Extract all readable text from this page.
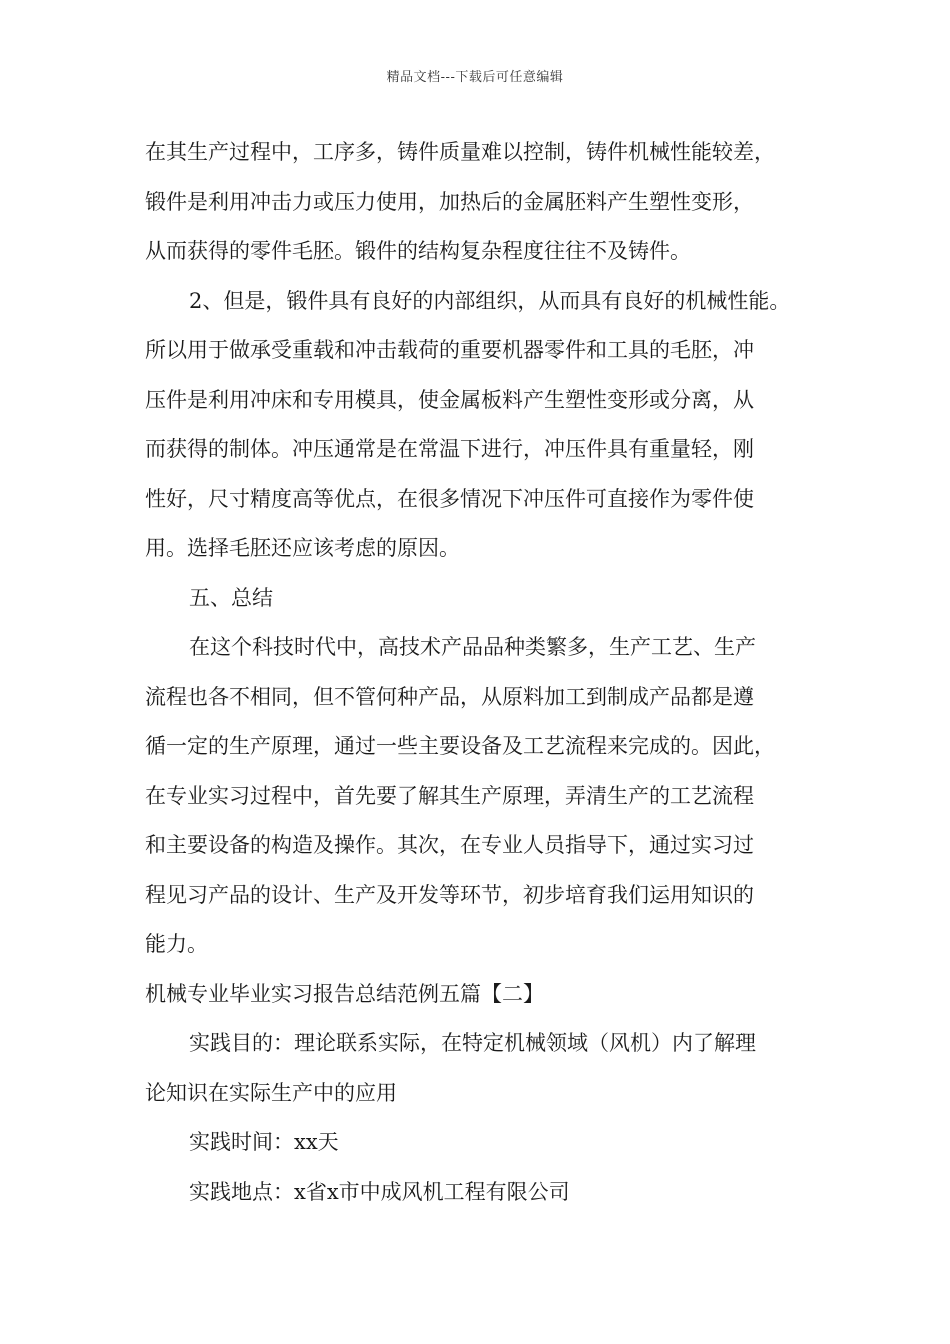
精品文档---下载后可任意编辑

在其生产过程中，工序多，铸件质量难以控制，铸件机械性能较差，
锻件是利用冲击力或压力使用，加热后的金属胚料产生塑性变形，
从而获得的零件毛胚。锻件的结构复杂程度往往不及铸件。

2、但是，锻件具有良好的内部组织，从而具有良好的机械性能。
所以用于做承受重载和冲击载荷的重要机器零件和工具的毛胚，冲
压件是利用冲床和专用模具，使金属板料产生塑性变形或分离，从
而获得的制体。冲压通常是在常温下进行，冲压件具有重量轻，刚
性好，尺寸精度高等优点，在很多情况下冲压件可直接作为零件使
用。选择毛胚还应该考虑的原因。

五、总结

在这个科技时代中，高技术产品品种类繁多，生产工艺、生产
流程也各不相同，但不管何种产品，从原料加工到制成产品都是遵
循一定的生产原理，通过一些主要设备及工艺流程来完成的。因此，
在专业实习过程中，首先要了解其生产原理，弄清生产的工艺流程
和主要设备的构造及操作。其次，在专业人员指导下，通过实习过
程见习产品的设计、生产及开发等环节，初步培育我们运用知识的
能力。

机械专业毕业实习报告总结范例五篇【二】

实践目的：理论联系实际，在特定机械领域（风机）内了解理
论知识在实际生产中的应用

实践时间：xx天

实践地点：x省x市中成风机工程有限公司
